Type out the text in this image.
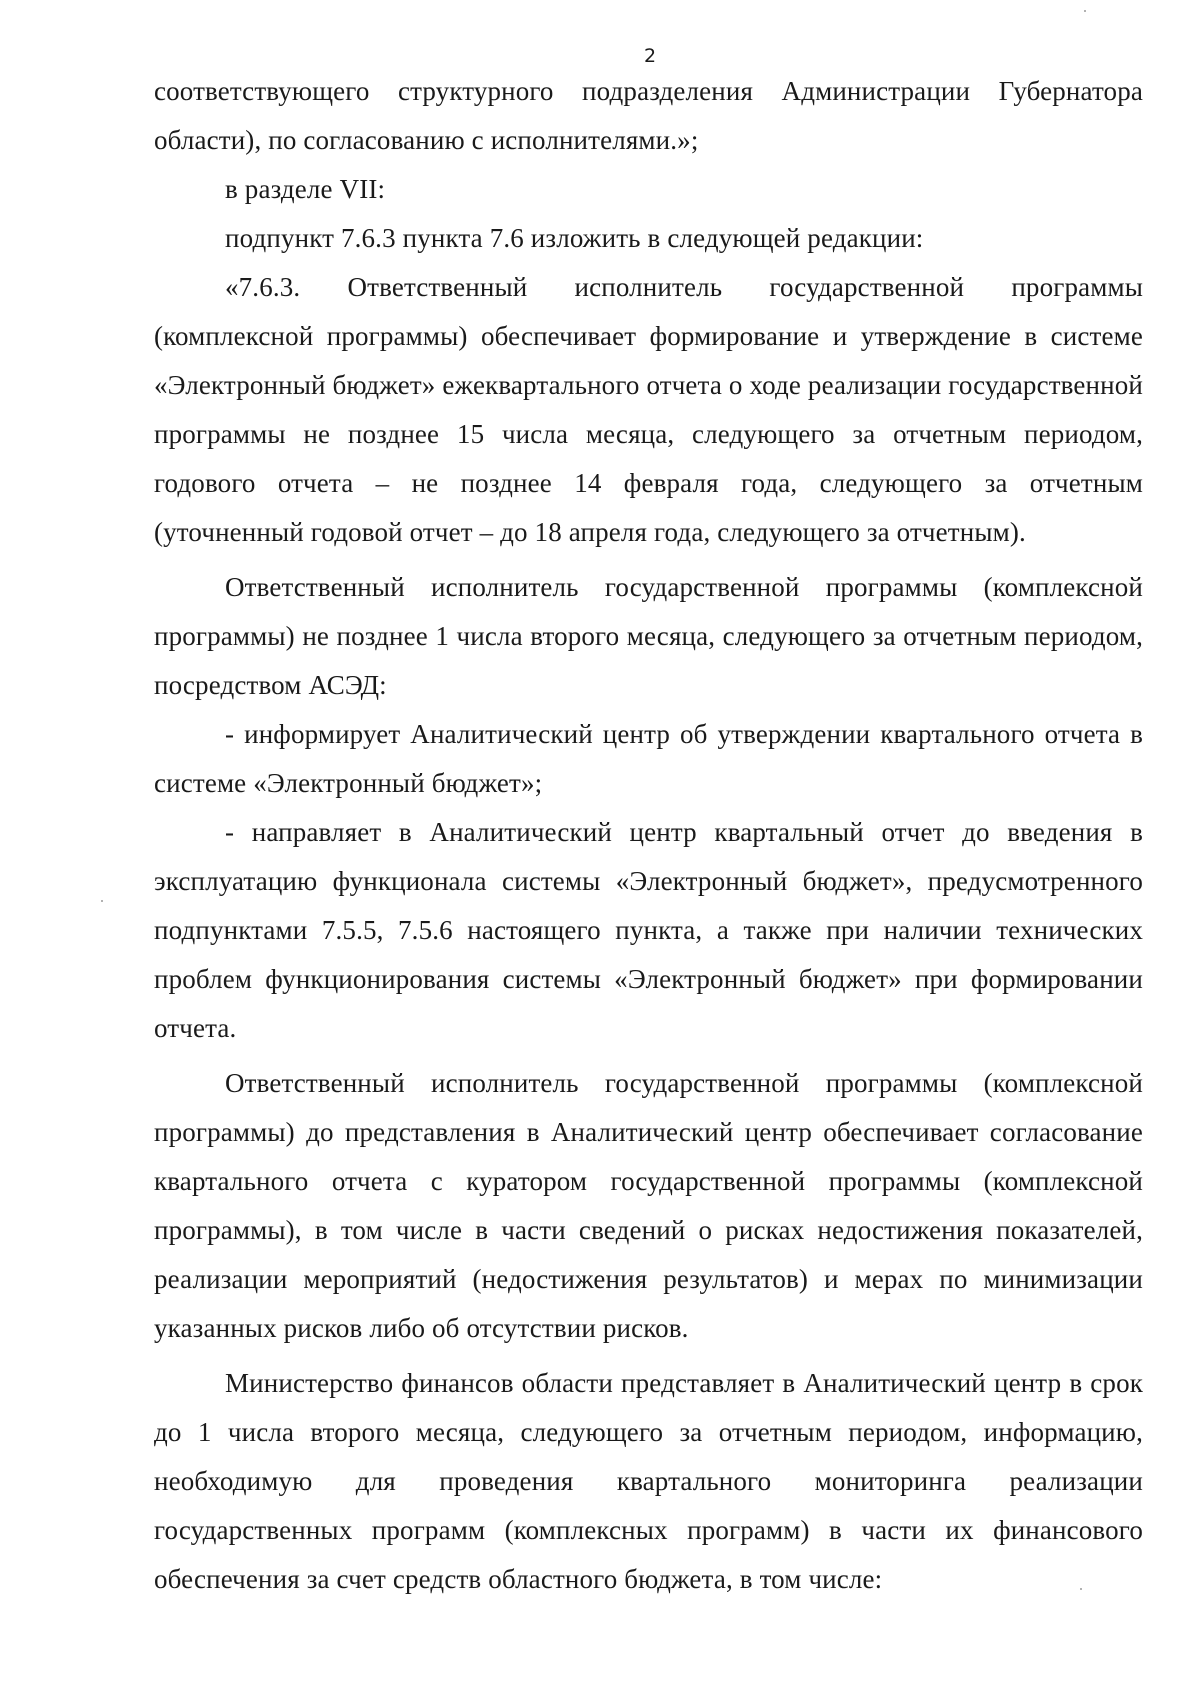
2

соответствующего структурного подразделения Администрации Губернатора области), по согласованию с исполнителями.»;

в разделе VII:

подпункт 7.6.3 пункта 7.6 изложить в следующей редакции:

«7.6.3. Ответственный исполнитель государственной программы (комплексной программы) обеспечивает формирование и утверждение в системе «Электронный бюджет» ежеквартального отчета о ходе реализации государственной программы не позднее 15 числа месяца, следующего за отчетным периодом, годового отчета – не позднее 14 февраля года, следующего за отчетным (уточненный годовой отчет – до 18 апреля года, следующего за отчетным).

Ответственный исполнитель государственной программы (комплексной программы) не позднее 1 числа второго месяца, следующего за отчетным периодом, посредством АСЭД:

- информирует Аналитический центр об утверждении квартального отчета в системе «Электронный бюджет»;

- направляет в Аналитический центр квартальный отчет до введения в эксплуатацию функционала системы «Электронный бюджет», предусмотренного подпунктами 7.5.5, 7.5.6 настоящего пункта, а также при наличии технических проблем функционирования системы «Электронный бюджет» при формировании отчета.

Ответственный исполнитель государственной программы (комплексной программы) до представления в Аналитический центр обеспечивает согласование квартального отчета с куратором государственной программы (комплексной программы), в том числе в части сведений о рисках недостижения показателей, реализации мероприятий (недостижения результатов) и мерах по минимизации указанных рисков либо об отсутствии рисков.

Министерство финансов области представляет в Аналитический центр в срок до 1 числа второго месяца, следующего за отчетным периодом, информацию, необходимую для проведения квартального мониторинга реализации государственных программ (комплексных программ) в части их финансового обеспечения за счет средств областного бюджета, в том числе:
